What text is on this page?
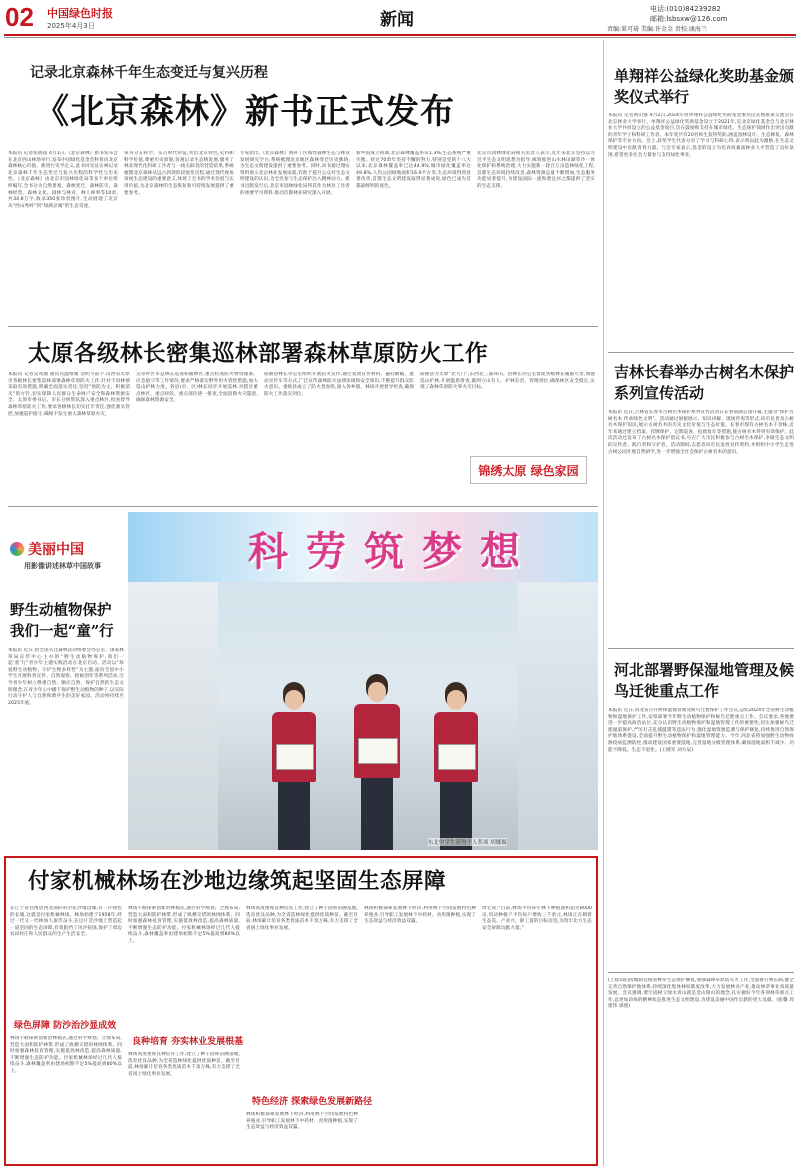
02 中国绿色时报
2025年4月3日	新闻
电话:(010)84239282
邮箱:lsbsxw@126.com
责编:果可琦 美编:许金金 责校:康海兰
记录北京森林千年生态变迁与复兴历程
《北京森林》新书正式发布
本报讯 记者张晓超 4月1日,《北京森林》新书发布会在北京西山林场举行,发布中国绿化基金会科普向北京森林核心价值、新进行史学定义,此书回见证实林记录北京森林千年生态变迁与复兴历程的科学性与历史性。《北京森林》由北京市园林绿化局等多个单位组织编写,全书分为自然景观、森林变迁、森林防灾、森林经营、森林文化、园林与林业、林人林事等10章,共34.8万字,收录350张珍贵图片,生动展现了北京从“西山秃岭”到“绿满京城”的生态奇迹。
该书分五科学、实占时代特征,突出北京特色,史料和科学价值,尊重历史原貌,客观记录生态统发展,服务了林业现代化科研工作者与一线关联者的营造结果,系统梳理北京森林从远古到现阶段演变历程,通过现代视角审视生态建设的重要意义,体现了全书的学术价值与实用价值,为北京森林的生态恢复和可持续发展提供了重要参考。
专家指出,《北京森林》填补了区域性森林生态与林业发展研究空白,系统梳理北京地区森林变迁历史脉络,为生态文明建设提供了重要参考。同时,该书通过翔实资料展示北京林业发展成就,有助于提升公众对生态文明建设的认识,为全民参与生态保护注入精神动力。新书出版发行后,北京市园林绿化局将其作为林业工作者的重要学习资料,推动首都林业研究深入开展。
新中国成立初期,北京森林覆盖率仅1.3%,生态系统严重失衡。经过70余年坚持不懈的努力,特别是党的十八大以来,北京森林覆盖率已达44.9%,城市绿化覆盖率达49.8%,人均公园绿地面积16.9平方米,生态环境得到显著改善,首都生态文明建设取得显著成效,绿色已成为首都最鲜明的底色。
北京市园林绿化局相关负责人表示,近年来北京坚持以习近平生态文明思想为指导,统筹推进山水林田湖草沙一体化保护和系统治理,大力实施新一轮百万亩造林绿化工程,首都生态环境持续改善,森林资源总量不断增加,生态服务功能显著提升,为建设国际一流和谐宜居之都提供了坚实的生态支撑。
太原各级林长密集巡林部署森林草原防火工作
本报讯 记者吴凤丽 通讯员温维媛 清明节前夕,山西省太原市各级林长密集巡林部署森林草原防火工作,针对不同林情采取有效措施,明确全面落实责任,坚持“预防为主、积极消灭”的方针,切实保障人民群众生命财产安全和森林资源安全。太原市委书记、市长分别带队深入重点林区,检查督导森林草原防火工作,要求各级林长切实扛牢责任,强化源头管控,加强巡护值守,确保不发生重大森林草原火灾。
尖草坪区市总林长巡查柏板林区,重点检查防火物资储备、应急值守等工作情况,要求严格落实野外用火管控措施,加大巡山护林力度。各县(市、区)林长同步开展巡林,对辖区重点林区、重点时段、重点部位逐一排查,全面消除火灾隐患,确保森林资源安全。
阳曲县林长办公室组织开展防火宣传,通过发放宣传材料、悬挂横幅、流动宣传车等方式,广泛宣传森林防火法律法规和安全知识,不断提升群众防火意识。娄烦县成立了防火督查组,深入各乡镇、林场开展督导检查,确保防火工作落实到位。
阳曲县为太原“北大门”,东西北三面环山。县林长办公室督促各级林长履职尽责,加强巡山护林,开展隐患排查,做到守山有人、护林有责、管理到位,确保林区安全稳定,实现了森林草原防火零火灾目标。
锦绣太原 绿色家园
科劳筑梦想
东北中学生获得个人奖项 胡娜摄
美丽中国
用影像讲述林草中国故事
野生动植物保护我们一起“童”行
本报讯 近日,由全国关注森林活动组委会办公室、国家林草局宣传中心主办的“野生动植物保护,我们一起‘童’行”青少年主题实践活动在北京启动。活动以“珍爱野生动植物、守护生物多样性”为主题,面向全国中小学生开展科普宣传、自然观察、绘画创作等系列活动,引导青少年树立尊重自然、顺应自然、保护自然的生态文明理念,在青少年心中播下保护野生动植物的种子,以实际行动守护人与自然和谐共生的美好家园。活动将持续至2025年底。
付家机械林场在沙地边缘筑起坚固生态屏障
在辽宁省昌图县西北部的科尔沁沙地边缘,有一片绿色的长城,这就是付家机械林场。林场始建于1958年,经过一代又一代林场人艰苦奋斗,在这片荒沙地上营造起一道坚固的生态屏障,有效阻挡了风沙侵蚀,保护了周边农田村庄和人民群众的生产生活安全。
绿色屏障 防沙治沙显成效
林场不断探索创新治林模式,通过科学规划、合理布局,营造大面积防护林带,形成了纵横交错的林网体系。同时加强森林抚育管理,实施低效林改造,提高森林质量,不断增强生态防护功能。付家机械林场经过几代人接续奋斗,森林覆盖率由建场初期不足5%提高到80%以上。
林场不断探索创新治林模式,通过科学规划、合理布局,营造大面积防护林带,形成了纵横交错的林网体系。同时加强森林抚育管理,实施低效林改造,提高森林质量,不断增强生态防护功能。付家机械林场经过几代人接续奋斗,森林覆盖率由建场初期不足5%提高到80%以上。
良种培育 夯实林业发展根基
林场高度重视良种培育工作,建立了种子园和苗圃基地,选育优良品种,为全省造林绿化提供优质种苗。截至目前,林场累计培育各类优质苗木千余万株,有力支撑了全省国土绿化事业发展。
林场高度重视良种培育工作,建立了种子园和苗圃基地,选育优良品种,为全省造林绿化提供优质种苗。截至目前,林场累计培育各类优质苗木千余万株,有力支撑了全省国土绿化事业发展。
特色经济 探索绿色发展新路径
林场积极探索发展林下经济,利用林下空间发展特色种养殖业,引导职工发展林下中药材、食用菌种植,实现了生态效益与经济效益双赢。
林场积极探索发展林下经济,利用林下空间发展特色种养殖业,引导职工发展林下中药材、食用菌种植,实现了生态效益与经济效益双赢。
周宏说:“目前,林场平均每年林下种植面积超过8000亩,用动种植户平均每户增收三千余元,林场正在朝着生态美、产业兴、职工富的目标迈进,为筑牢北方生态安全屏障贡献力量。”
单翔祥公益绿化奖助基金颁奖仪式举行
本报讯 记者黄山强 4月2日,2024年度单翔祥公益绿化奖助基金颁奖仪式暨座谈交流会在北京林业大学举行。单翔祥公益绿化奖助基金设立于2021年,是北京绿化基金会与北京林业大学共同设立的公益基金项目,旨在鼓励和支持在城市绿化、生态保护领域作出突出贡献的青年学子和科研工作者。本年度共有20名师生获得奖助,涵盖园林设计、生态修复、森林保护等专业方向。会上,获奖学生代表分享了学习与科研心得,表示将以此为激励,在生态文明建设中贡献青春力量。与会专家表示,基金的设立为培养高素质林业人才营造了良好氛围,希望更多社会力量参与支持绿化事业。
吉林长春举办古树名木保护系列宣传活动
本报讯 近日,吉林省长春市古树名木保护系列宣传活动在长春南湖公园开幕,主题为“保护古树名木 传承绿色文明”。活动通过展板展示、知识讲解、现场咨询等形式,向市民普及古树名木保护知识,展示古树名木的历史文化价值与生态价值。长春市现有古树名木千余株,近年来通过建立档案、挂牌保护、定期巡查、抢救复壮等措施,使古树名木得到有效保护。此次活动还发布了古树名木保护倡议书,号召广大市民积极参与古树名木保护,争做生态文明的宣传者、践行者和守护者。活动期间,志愿者向市民发放宣传资料,并组织中小学生走进古树公园开展自然研学,进一步增强全社会保护古树名木的意识。
河北部署野保湿地管理及候鸟迁徙重点工作
本报讯 近日,河北省召开野保湿地管理及候鸟迁徙保护工作会议,总结2024年全省野生动植物和湿地保护工作,安排部署今年野生动植物保护和候鸟迁徙重点工作。会议要求,各地要进一步提高政治站位,充分认识野生动植物保护和湿地管理工作的重要性,切实加强候鸟迁徙通道保护,严厉打击乱捕滥猎等违法行为,强化湿地资源监测与保护修复,持续推进自然保护地体系建设,全面提升野生动植物保护和湿地管理能力。今年,河北省将加强野生动物疫源疫病监测防控,推动建设国家重要湿地,完善湿地分级管理体系,确保湿地面积不减少、功能不降低、生态不退化。(王晓军 刘方辰)
(上接1版)因地制宜推进林草生态保护修复,加强森林草原防灭火工作,全面推行林长制,健全完善自然保护地体系,持续深化集体林权制度改革,大力发展林业产业,推动林草事业高质量发展。会议强调,要牢固树立绿水青山就是金山银山的理念,扎实做好今年各项林草重点工作,以更加昂扬的精神状态推进生态文明建设,为建设美丽中国作出新的更大贡献。(张馨 周建伟 邢燕)
